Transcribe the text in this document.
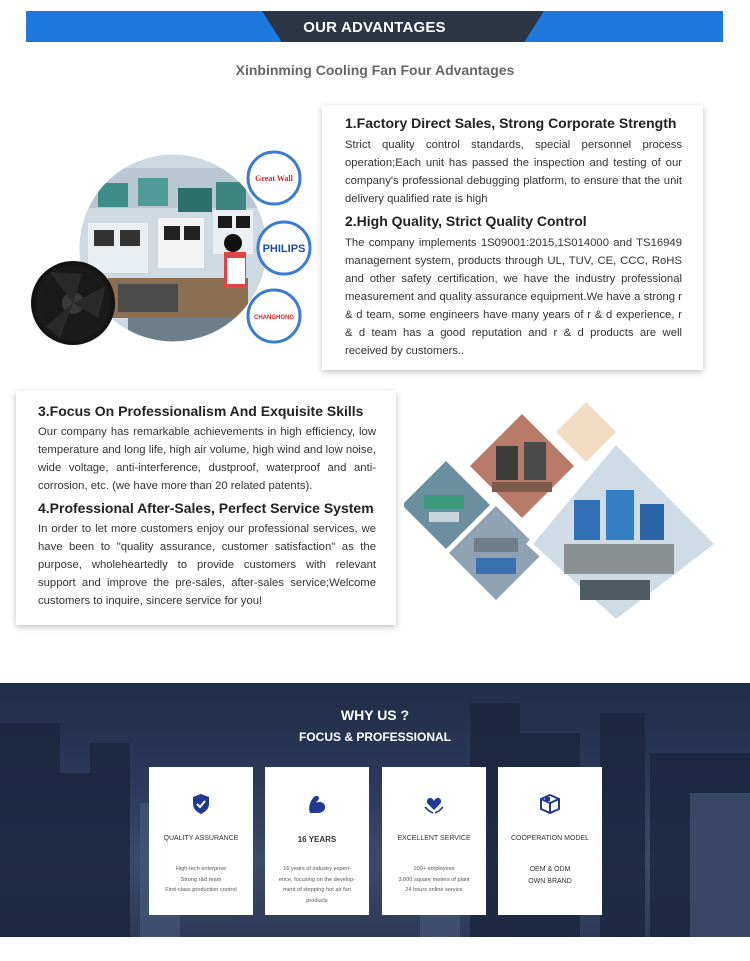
OUR ADVANTAGES
Xinbinming Cooling Fan Four Advantages
Great Wall
PHILIPS
CHANGHONG
1.Factory Direct Sales, Strong Corporate Strength

Strict quality control standards, special personnel process operation;Each unit has passed the inspection and testing of our company's professional debugging platform, to ensure that the unit delivery qualified rate is high

2.High Quality, Strict Quality Control

The company implements 1S09001:2015,1S014000 and TS16949 management system, products through UL, TUV, CE, CCC, RoHS and other safety certification, we have the industry professional measurement and quality assurance equipment.We have a strong r & d team, some engineers have many years of r & d experience, r & d team has a good reputation and r & d products are well received by customers..

3.Focus On Professionalism And Exquisite Skills

Our company has remarkable achievements in high efficiency, low temperature and long life, high air volume, high wind and low noise, wide voltage, anti-interference, dustproof, waterproof and anti-corrosion, etc. (we have more than 20 related patents).

4.Professional After-Sales, Perfect Service System

In order to let more customers enjoy our professional services, we have been to "quality assurance, customer satisfaction" as the purpose, wholeheartedly to provide customers with relevant support and improve the pre-sales, after-sales service;Welcome customers to inquire, sincere service for you!

WHY US ?
FOCUS & PROFESSIONAL
QUALITY ASSURANCE
High-tech enterprise
Strong r&d team
First-class production control
16 YEARS
16 years of industry experi-
ence, focusing on the develop-
ment of stepping hot air fan
products
EXCELLENT SERVICE
100+ employees
3,000 square meters of plant
24 hours online service
COOPERATION MODEL
OEM & ODM
OWN BRAND
